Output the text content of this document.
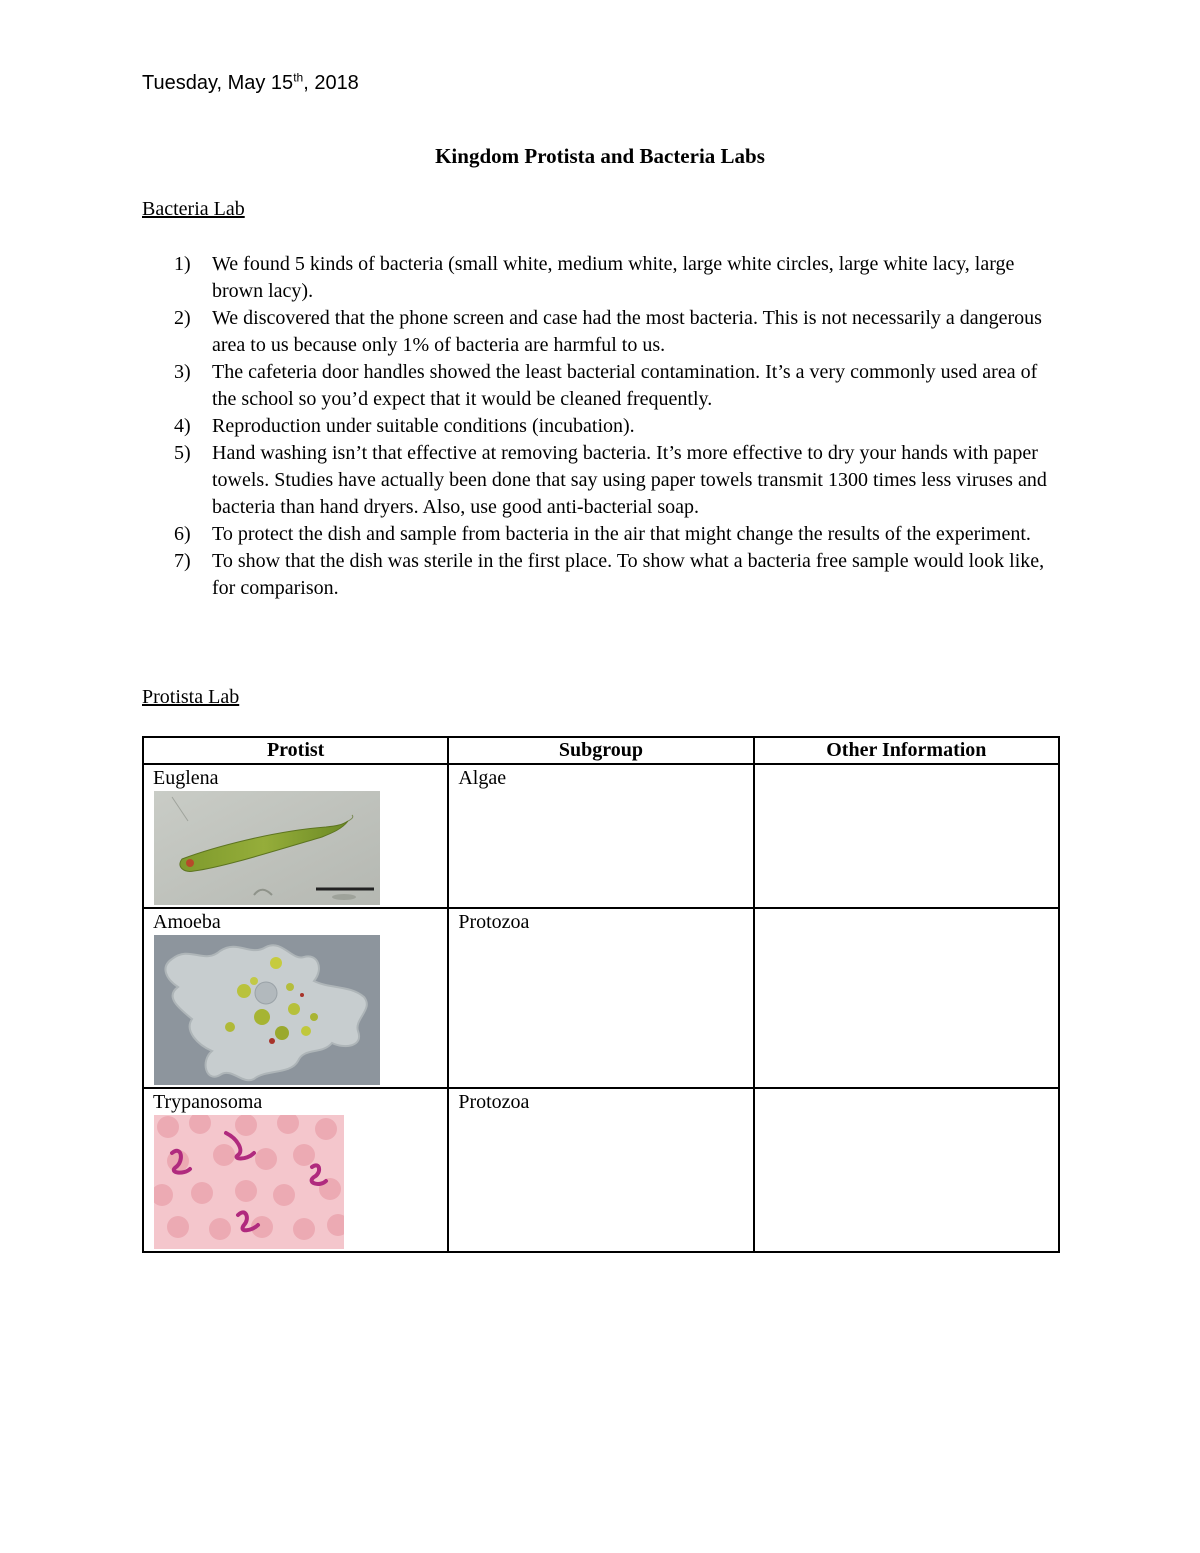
Tuesday, May 15th, 2018
Kingdom Protista and Bacteria Labs
Bacteria Lab
1) We found 5 kinds of bacteria (small white, medium white, large white circles, large white lacy, large brown lacy).
2) We discovered that the phone screen and case had the most bacteria. This is not necessarily a dangerous area to us because only 1% of bacteria are harmful to us.
3) The cafeteria door handles showed the least bacterial contamination. It’s a very commonly used area of the school so you’d expect that it would be cleaned frequently.
4) Reproduction under suitable conditions (incubation).
5) Hand washing isn’t that effective at removing bacteria. It’s more effective to dry your hands with paper towels. Studies have actually been done that say using paper towels transmit 1300 times less viruses and bacteria than hand dryers. Also, use good anti-bacterial soap.
6) To protect the dish and sample from bacteria in the air that might change the results of the experiment.
7) To show that the dish was sterile in the first place. To show what a bacteria free sample would look like, for comparison.
Protista Lab
Protist	Subgroup	Other Information

Euglena	Algae	

Amoeba	Protozoa	

Trypanosoma	Protozoa	
